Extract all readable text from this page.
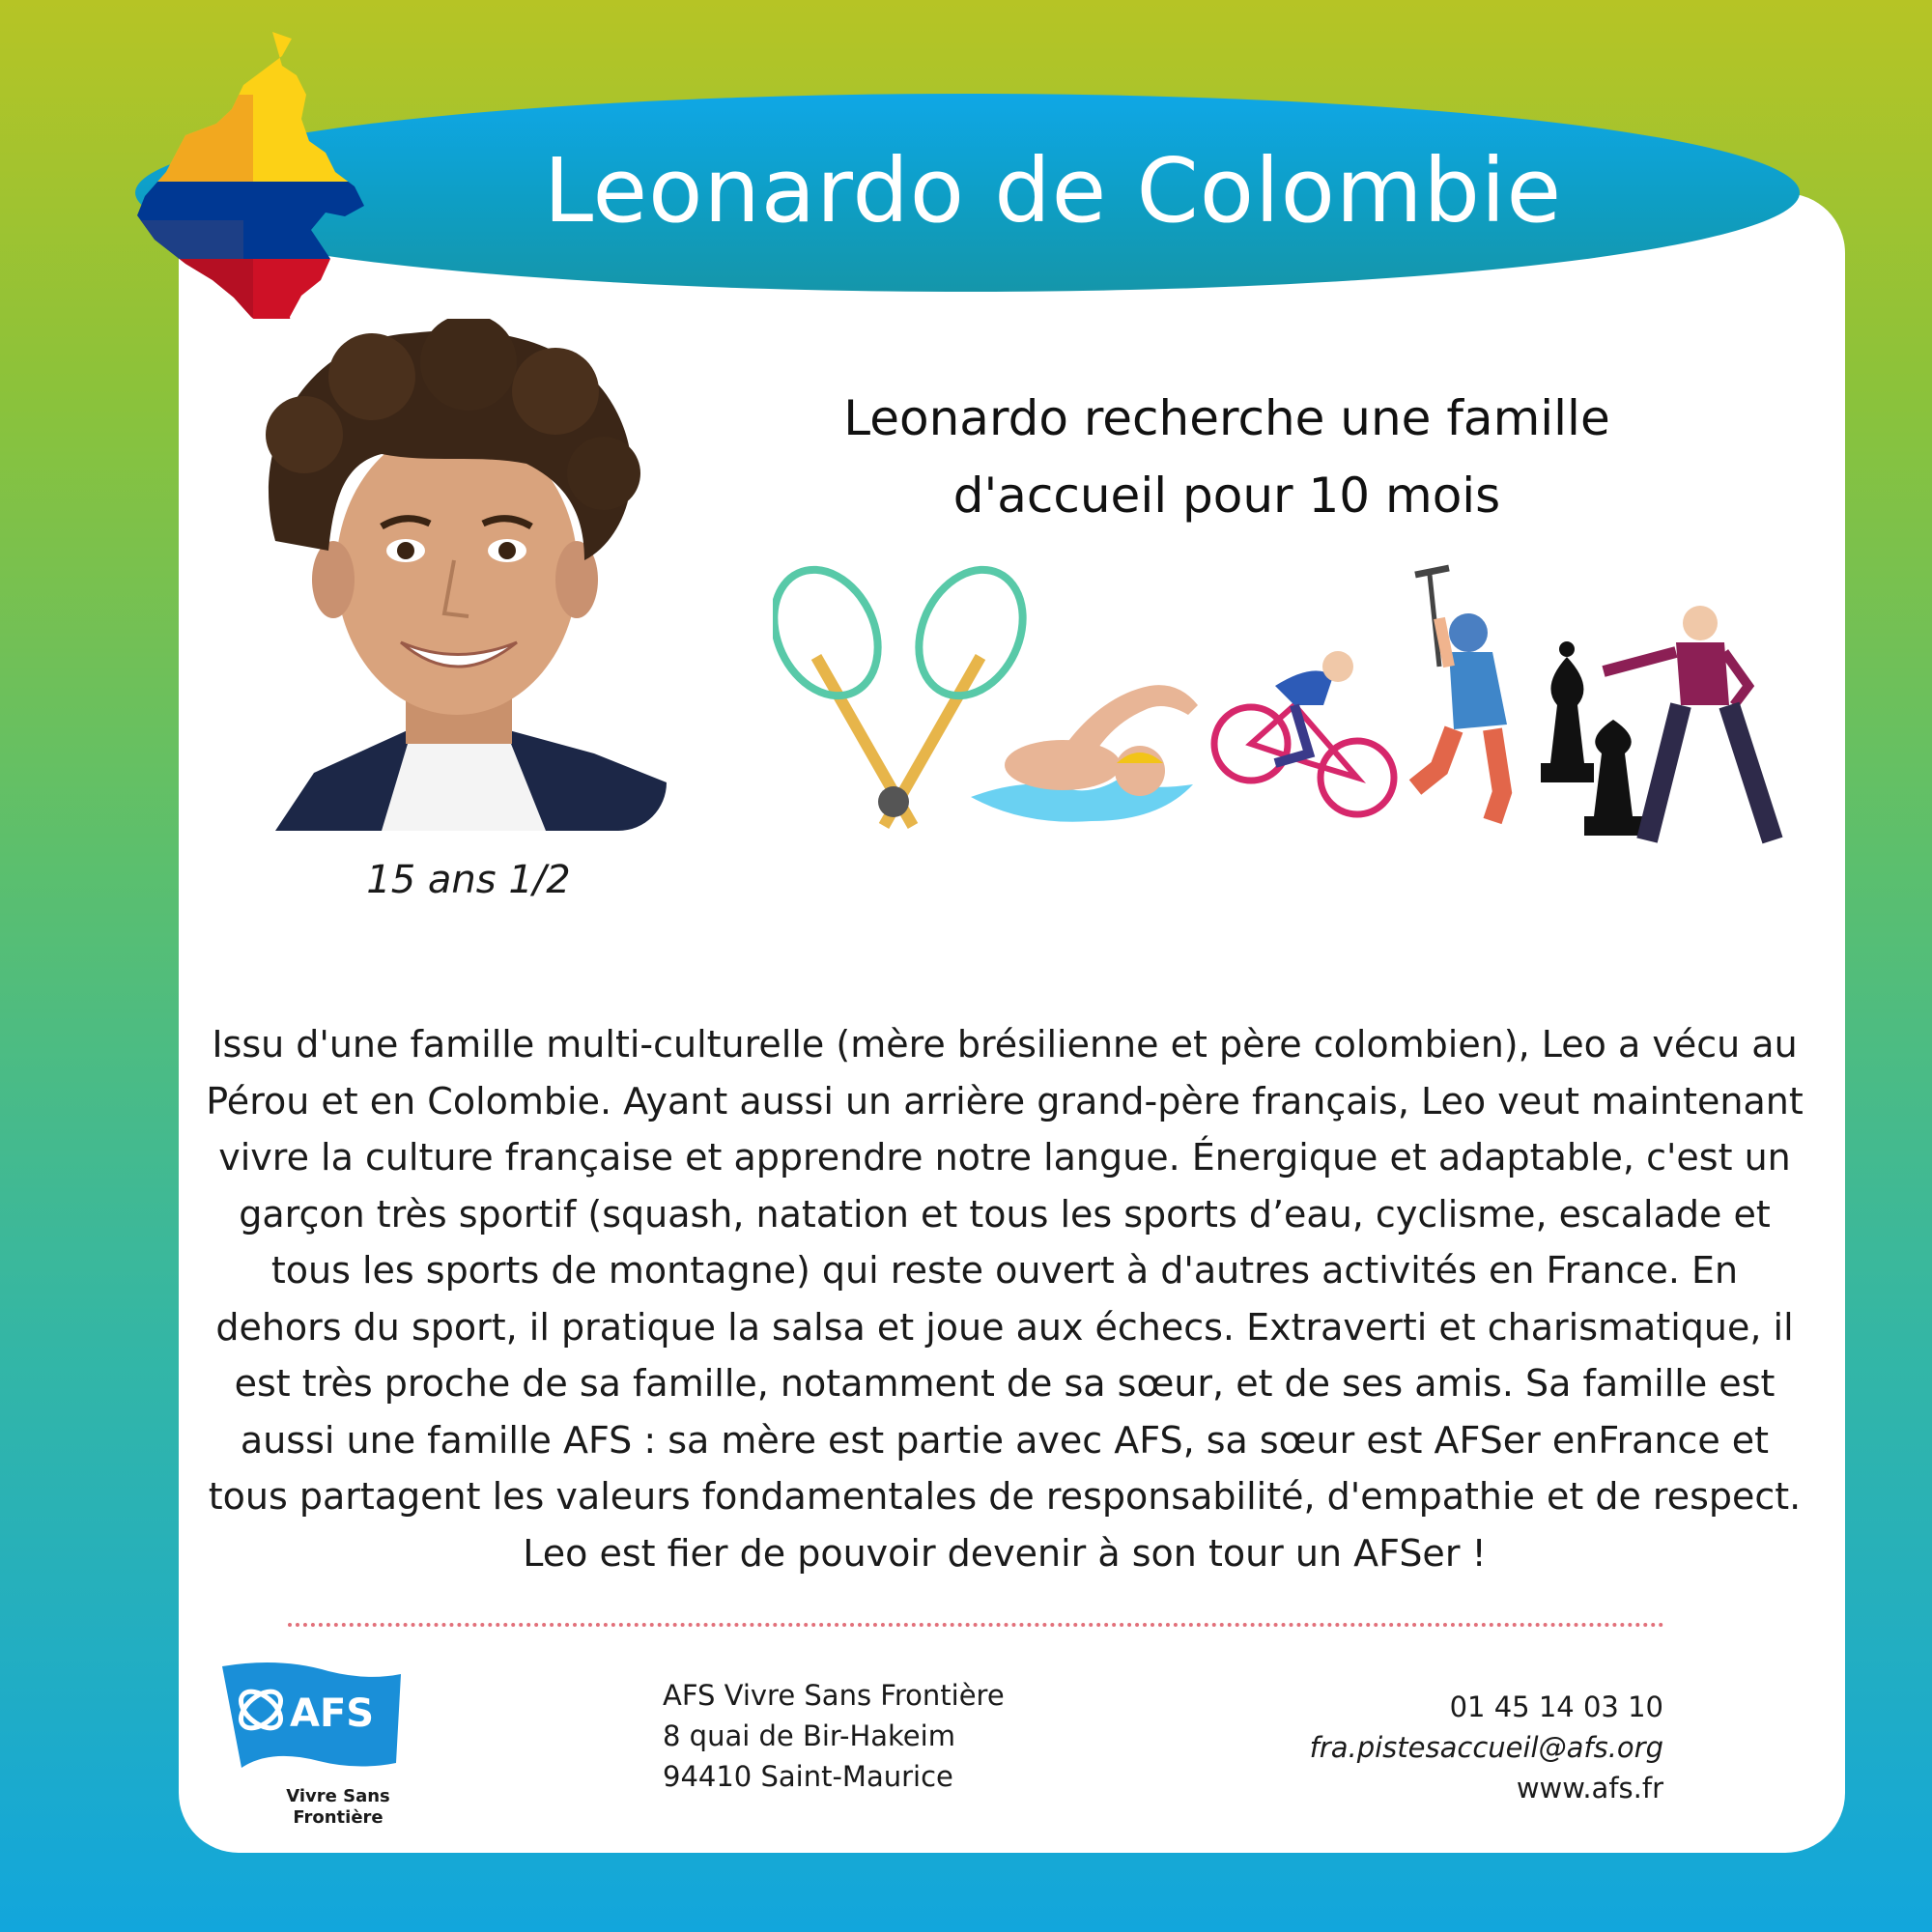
Leonardo de Colombie
15 ans 1/2
Leonardo recherche une famille
d'accueil pour 10 mois
Issu d'une famille multi-culturelle (mère brésilienne et père colombien), Leo a vécu au Pérou et en Colombie. Ayant aussi un arrière grand-père français, Leo veut maintenant vivre la culture française et apprendre notre langue. Énergique et adaptable, c'est un garçon très sportif (squash, natation et tous les sports d’eau, cyclisme, escalade et tous les sports de montagne) qui reste ouvert à d'autres activités en France. En dehors du sport, il pratique la salsa et joue aux échecs. Extraverti et charismatique, il est très proche de sa famille, notamment de sa sœur, et de ses amis. Sa famille est aussi une famille AFS : sa mère est partie avec AFS, sa sœur est AFSer enFrance et tous partagent les valeurs fondamentales de responsabilité, d'empathie et de respect. Leo est fier de pouvoir devenir à son tour un AFSer !
AFS
Vivre Sans
Frontière
AFS Vivre Sans Frontière
8 quai de Bir-Hakeim
94410 Saint-Maurice
01 45 14 03 10
fra.pistesaccueil@afs.org
www.afs.fr
